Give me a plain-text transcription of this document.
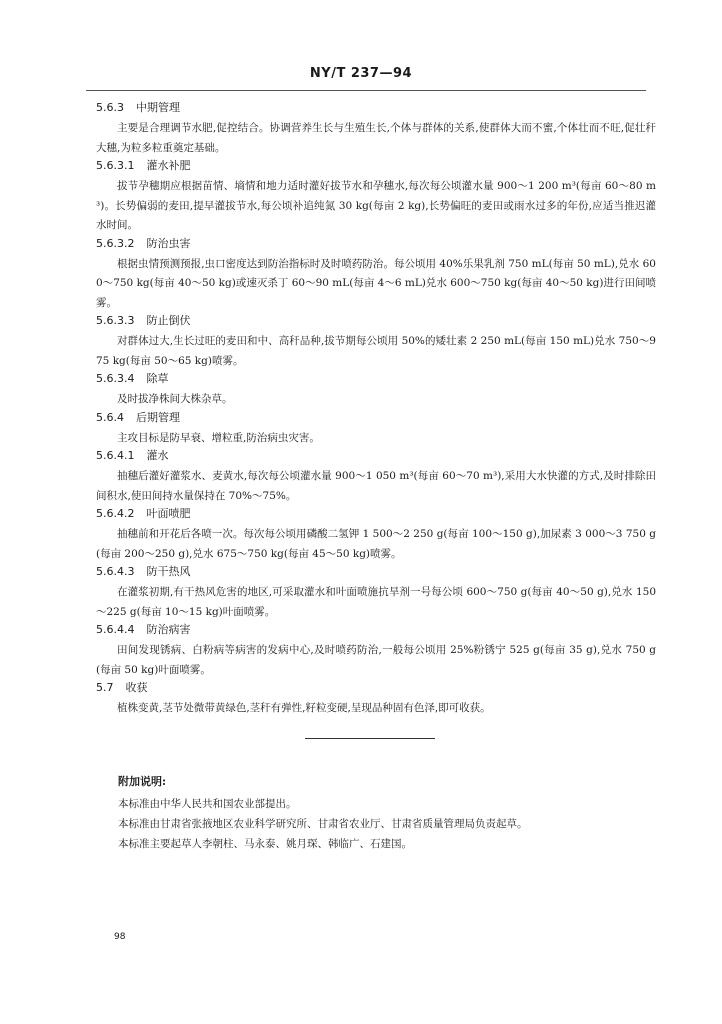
NY/T 237—94
5.6.3 中期管理

主要是合理调节水肥,促控结合。协调营养生长与生殖生长,个体与群体的关系,使群体大而不蜜,个体壮而不旺,促壮秆大穗,为粒多粒重奠定基础。

5.6.3.1 灌水补肥

拔节孕穗期应根据苗情、墒情和地力适时灌好拔节水和孕穗水,每次每公顷灌水量 900～1 200 m³(每亩 60～80 m³)。长势偏弱的麦田,提早灌拔节水,每公顷补追纯氮 30 kg(每亩 2 kg),长势偏旺的麦田或雨水过多的年份,应适当推迟灌水时间。

5.6.3.2 防治虫害

根据虫情预测预报,虫口密度达到防治指标时及时喷药防治。每公顷用 40%乐果乳剂 750 mL(每亩 50 mL),兑水 600～750 kg(每亩 40～50 kg)或速灭杀丁 60～90 mL(每亩 4～6 mL)兑水 600～750 kg(每亩 40～50 kg)进行田间喷雾。

5.6.3.3 防止倒伏

对群体过大,生长过旺的麦田和中、高秆品种,拔节期每公顷用 50%的矮壮素 2 250 mL(每亩 150 mL)兑水 750～975 kg(每亩 50～65 kg)喷雾。

5.6.3.4 除草

及时拔净株间大株杂草。

5.6.4 后期管理

主攻目标是防早衰、增粒重,防治病虫灾害。

5.6.4.1 灌水

抽穗后灌好灌浆水、麦黄水,每次每公顷灌水量 900～1 050 m³(每亩 60～70 m³),采用大水快灌的方式,及时排除田间积水,使田间持水量保持在 70%～75%。

5.6.4.2 叶面喷肥

抽穗前和开花后各喷一次。每次每公顷用磷酸二氢钾 1 500～2 250 g(每亩 100～150 g),加尿素 3 000～3 750 g(每亩 200～250 g),兑水 675～750 kg(每亩 45～50 kg)喷雾。

5.6.4.3 防干热风

在灌浆初期,有干热风危害的地区,可采取灌水和叶面喷施抗旱剂一号每公顷 600～750 g(每亩 40～50 g),兑水 150～225 g(每亩 10～15 kg)叶面喷雾。

5.6.4.4 防治病害

田间发现锈病、白粉病等病害的发病中心,及时喷药防治,一般每公顷用 25%粉锈宁 525 g(每亩 35 g),兑水 750 g(每亩 50 kg)叶面喷雾。

5.7 收获

植株变黄,茎节处微带黄绿色,茎秆有弹性,籽粒变硬,呈现品种固有色泽,即可收获。

附加说明:
本标准由中华人民共和国农业部提出。
本标准由甘肃省张掖地区农业科学研究所、甘肃省农业厅、甘肃省质量管理局负责起草。
本标准主要起草人李朝柱、马永泰、姚月琛、韩临广、石建国。
98
